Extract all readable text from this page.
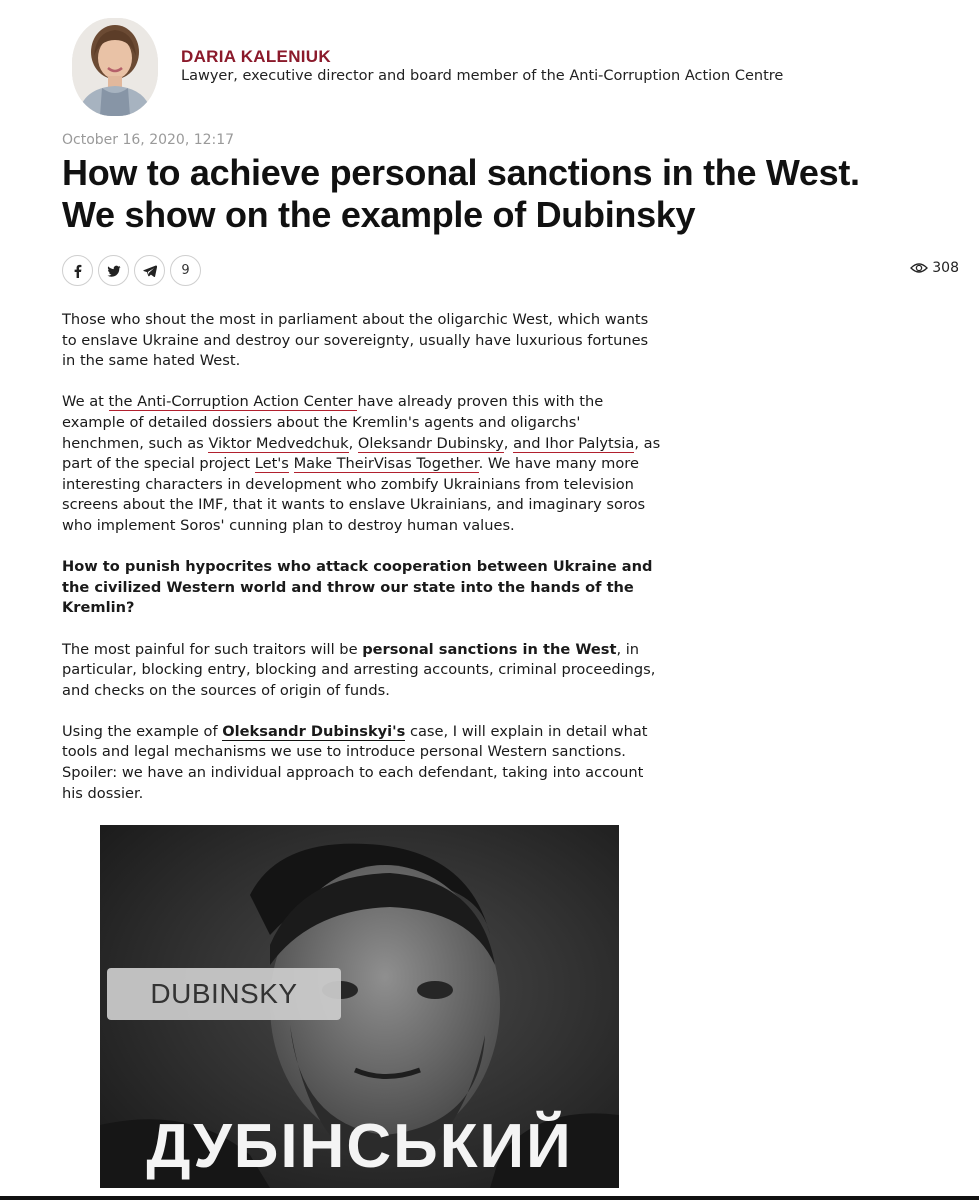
DARIA KALENIUK
Lawyer, executive director and board member of the Anti-Corruption Action Centre
October 16, 2020, 12:17
How to achieve personal sanctions in the West. We show on the example of Dubinsky
9	308

Those who shout the most in parliament about the oligarchic West, which wants to enslave Ukraine and destroy our sovereignty, usually have luxurious fortunes in the same hated West.

We at the Anti-Corruption Action Center have already proven this with the example of detailed dossiers about the Kremlin's agents and oligarchs' henchmen, such as Viktor Medvedchuk, Oleksandr Dubinsky, and Ihor Palytsia, as part of the special project Let's Make TheirVisas Together. We have many more interesting characters in development who zombify Ukrainians from television screens about the IMF, that it wants to enslave Ukrainians, and imaginary soros who implement Soros' cunning plan to destroy human values.

How to punish hypocrites who attack cooperation between Ukraine and the civilized Western world and throw our state into the hands of the Kremlin?

The most painful for such traitors will be personal sanctions in the West, in particular, blocking entry, blocking and arresting accounts, criminal proceedings, and checks on the sources of origin of funds.

Using the example of Oleksandr Dubinskyi's case, I will explain in detail what tools and legal mechanisms we use to introduce personal Western sanctions. Spoiler: we have an individual approach to each defendant, taking into account his dossier.

DUBINSKY
ДУБІНСЬКИЙ
